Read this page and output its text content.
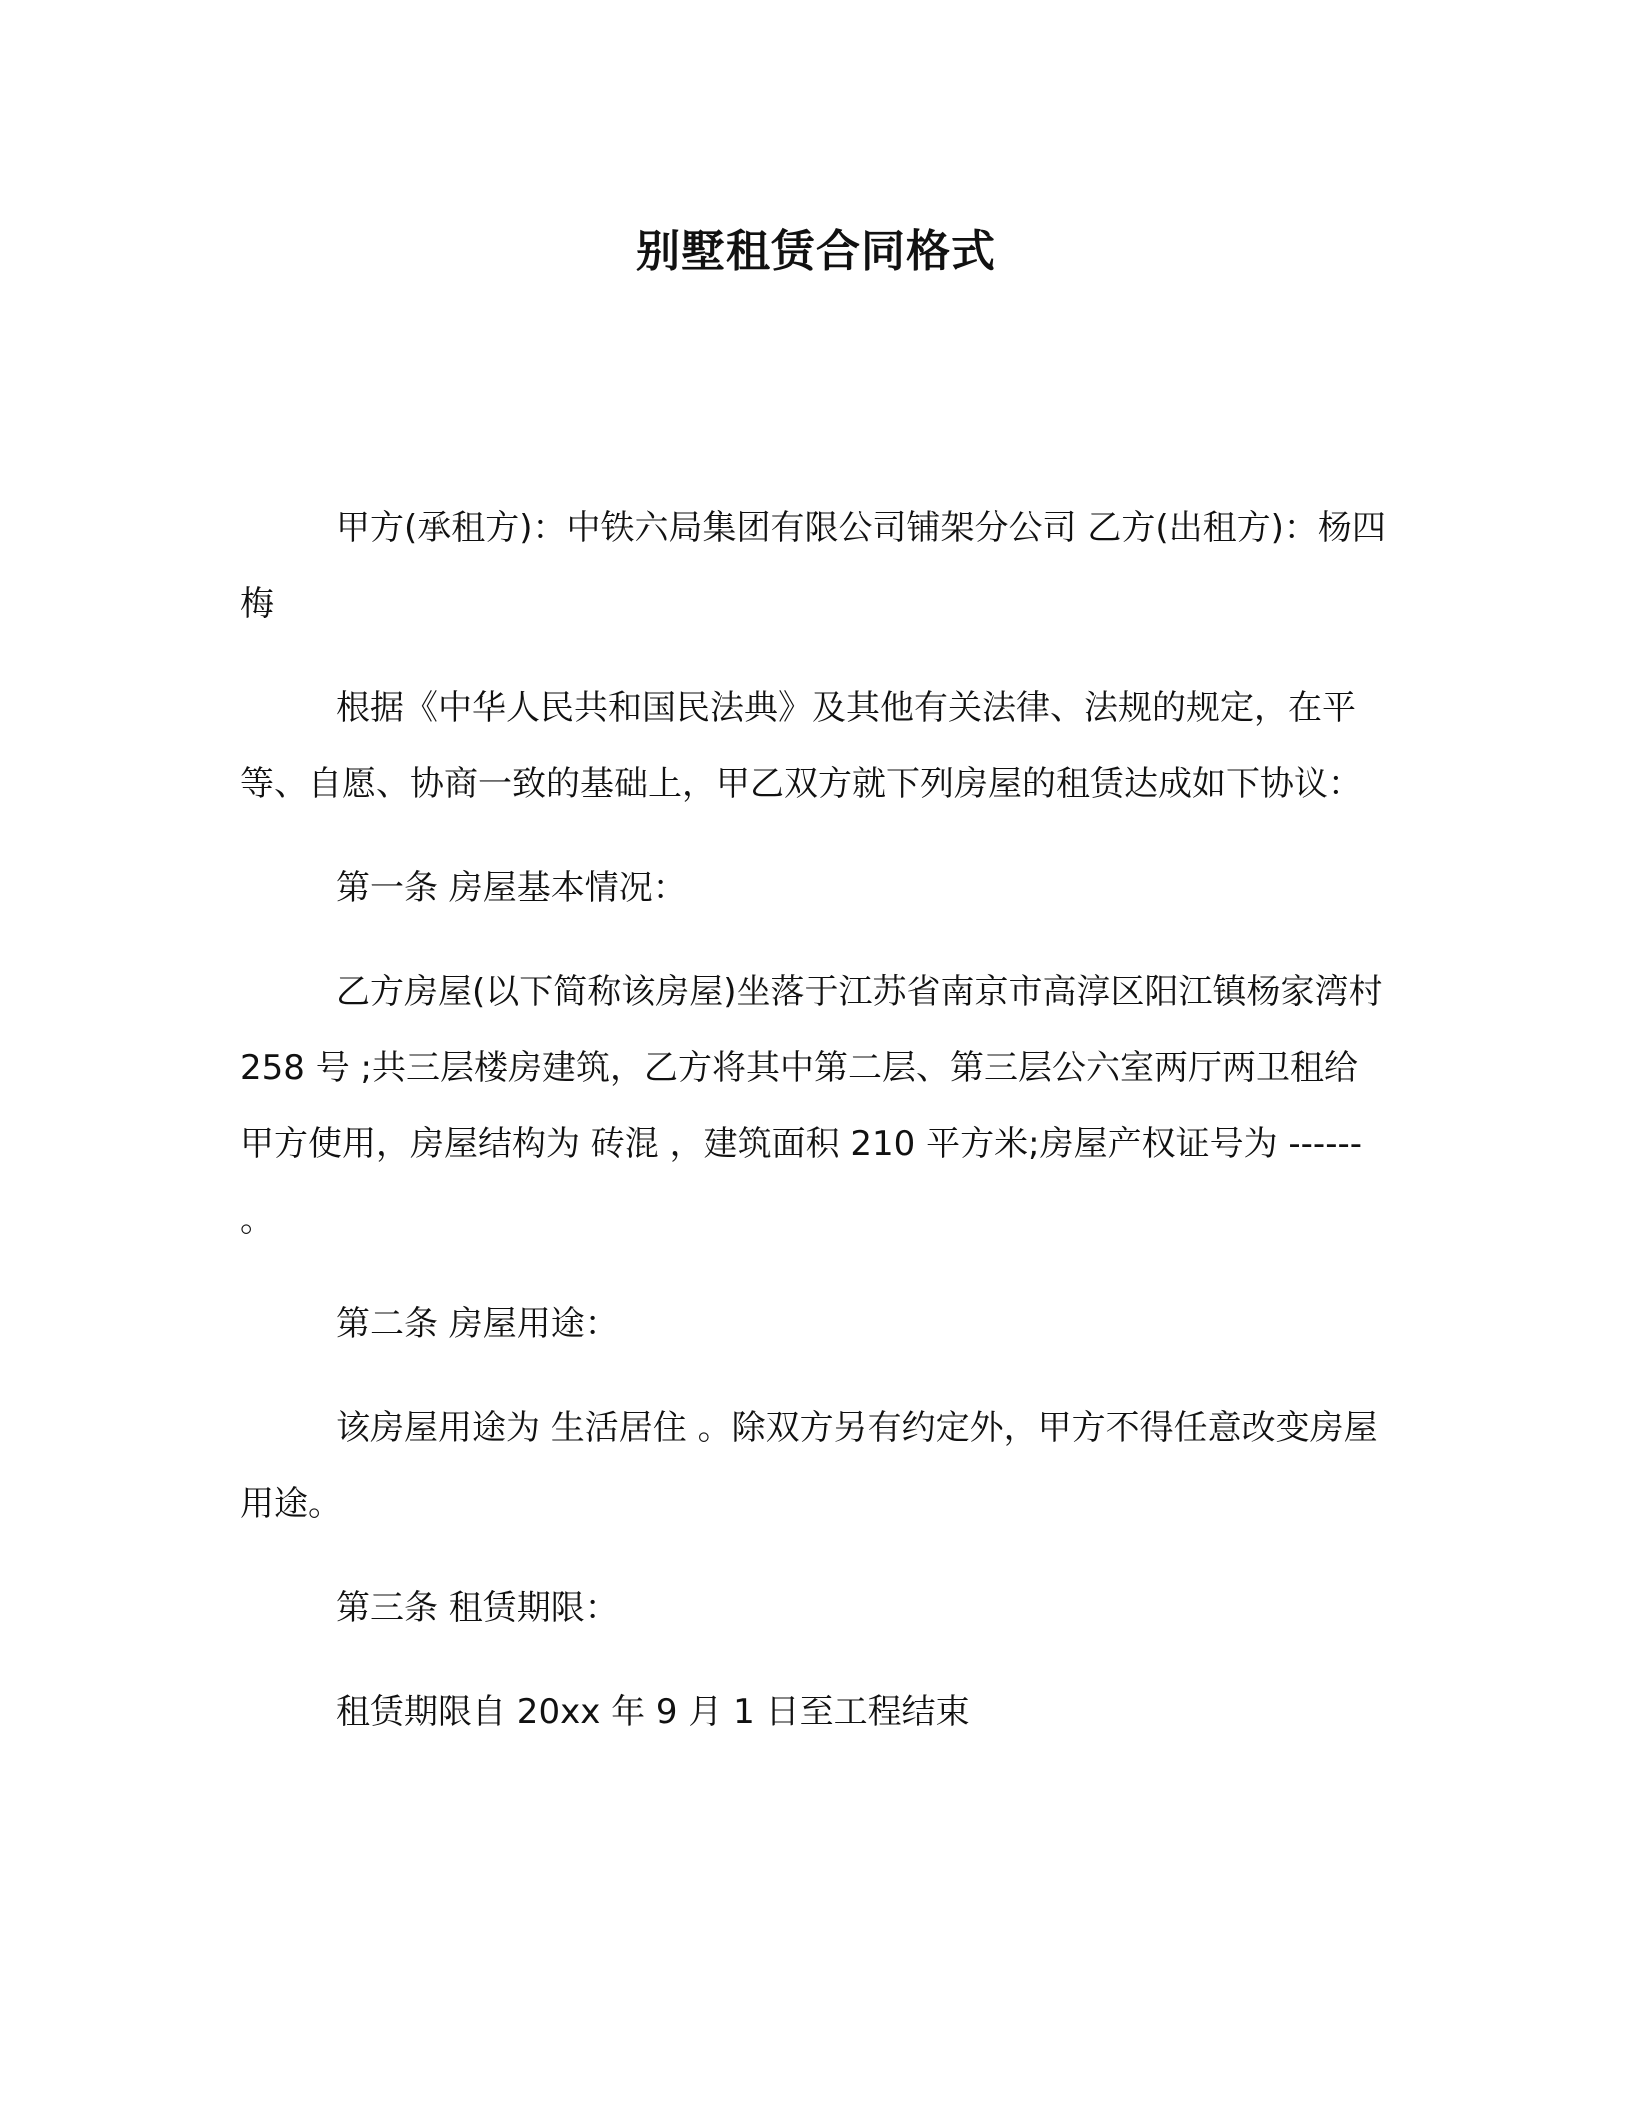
别墅租赁合同格式

甲方(承租方)：中铁六局集团有限公司铺架分公司 乙方(出租方)：杨四梅

根据《中华人民共和国民法典》及其他有关法律、法规的规定，在平等、自愿、协商一致的基础上，甲乙双方就下列房屋的租赁达成如下协议：

第一条 房屋基本情况：

乙方房屋(以下简称该房屋)坐落于江苏省南京市高淳区阳江镇杨家湾村 258 号 ;共三层楼房建筑，乙方将其中第二层、第三层公六室两厅两卫租给甲方使用，房屋结构为 砖混 ，建筑面积 210 平方米;房屋产权证号为 ------ 。

第二条 房屋用途：

该房屋用途为 生活居住 。除双方另有约定外，甲方不得任意改变房屋用途。

第三条 租赁期限：

租赁期限自 20xx 年 9 月 1 日至工程结束
